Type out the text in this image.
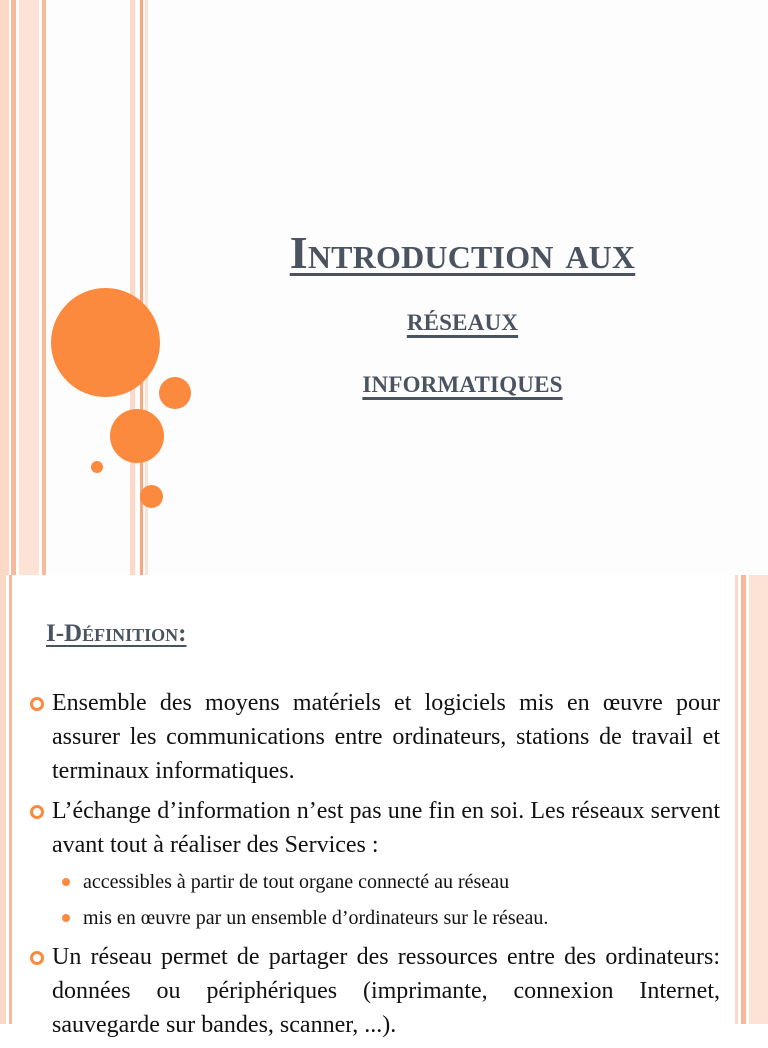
Introduction aux
réseaux
informatiques
I-Définition:
Ensemble des moyens matériels et logiciels mis en œuvre pour assurer les communications entre ordinateurs, stations de travail et terminaux informatiques.
L’échange d’information n’est pas une fin en soi. Les réseaux servent avant tout à réaliser des Services :
accessibles à partir de tout organe connecté au réseau
mis en œuvre par un ensemble d’ordinateurs sur le réseau.
Un réseau permet de partager des ressources entre des ordinateurs: données ou périphériques (imprimante, connexion Internet, sauvegarde sur bandes, scanner, ...).
